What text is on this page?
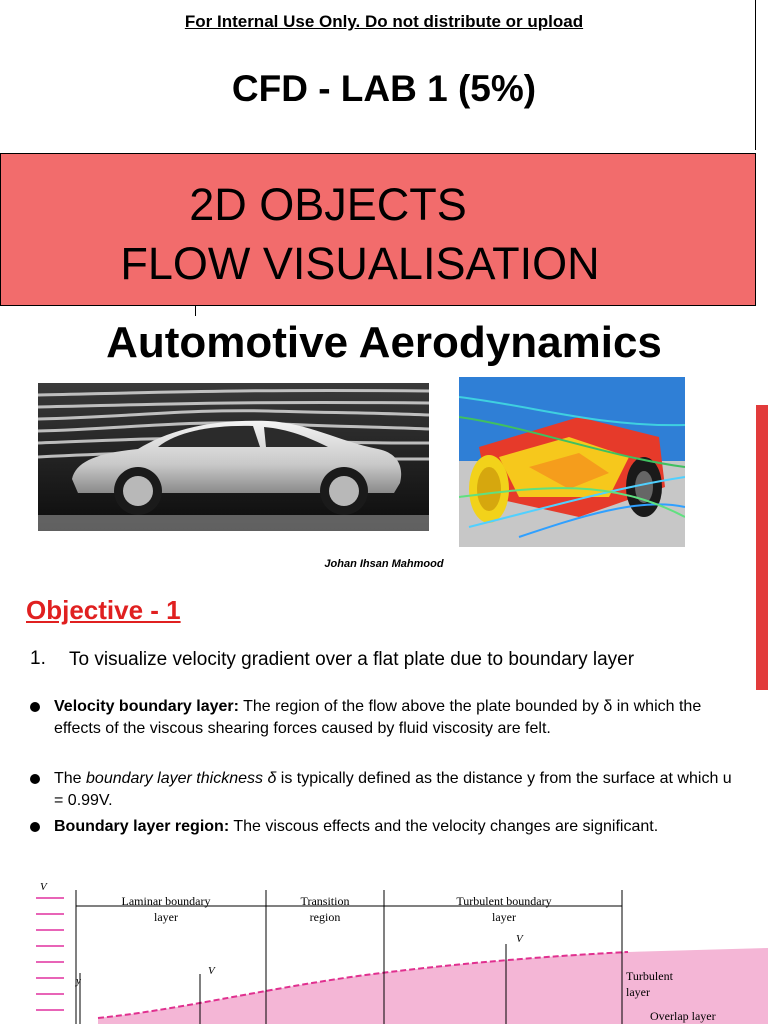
For Internal Use Only. Do not distribute or upload
CFD - LAB 1 (5%)
2D OBJECTS
FLOW VISUALISATION
Automotive Aerodynamics
Johan Ihsan Mahmood
Objective - 1
1. To visualize velocity gradient over a flat plate due to boundary layer
Velocity boundary layer: The region of the flow above the plate bounded by δ in which the effects of the viscous shearing forces caused by fluid viscosity are felt.
The boundary layer thickness δ is typically defined as the distance y from the surface at which u = 0.99V.
Boundary layer region: The viscous effects and the velocity changes are significant.
V
y
Laminar boundary
layer
Transition
region
Turbulent boundary
layer
V
V
Turbulent
layer
Overlap layer
